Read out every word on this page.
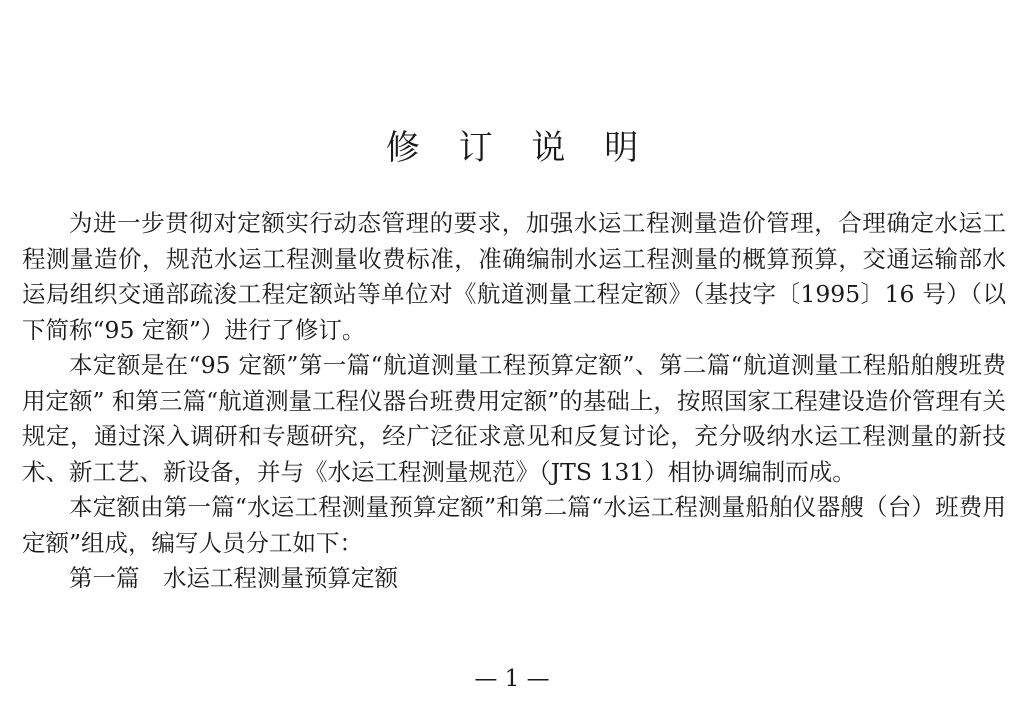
修 订 说 明

为进一步贯彻对定额实行动态管理的要求，加强水运工程测量造价管理，合理确定水运工程测量造价，规范水运工程测量收费标准，准确编制水运工程测量的概算预算，交通运输部水运局组织交通部疏浚工程定额站等单位对《航道测量工程定额》（基技字〔1995〕16 号）（以下简称“95 定额”）进行了修订。

本定额是在“95 定额”第一篇“航道测量工程预算定额”、第二篇“航道测量工程船舶艘班费用定额” 和第三篇“航道测量工程仪器台班费用定额”的基础上，按照国家工程建设造价管理有关规定，通过深入调研和专题研究，经广泛征求意见和反复讨论，充分吸纳水运工程测量的新技术、新工艺、新设备，并与《水运工程测量规范》（JTS 131）相协调编制而成。

本定额由第一篇“水运工程测量预算定额”和第二篇“水运工程测量船舶仪器艘（台）班费用定额”组成，编写人员分工如下：

第一篇　水运工程测量预算定额

— 1 —
